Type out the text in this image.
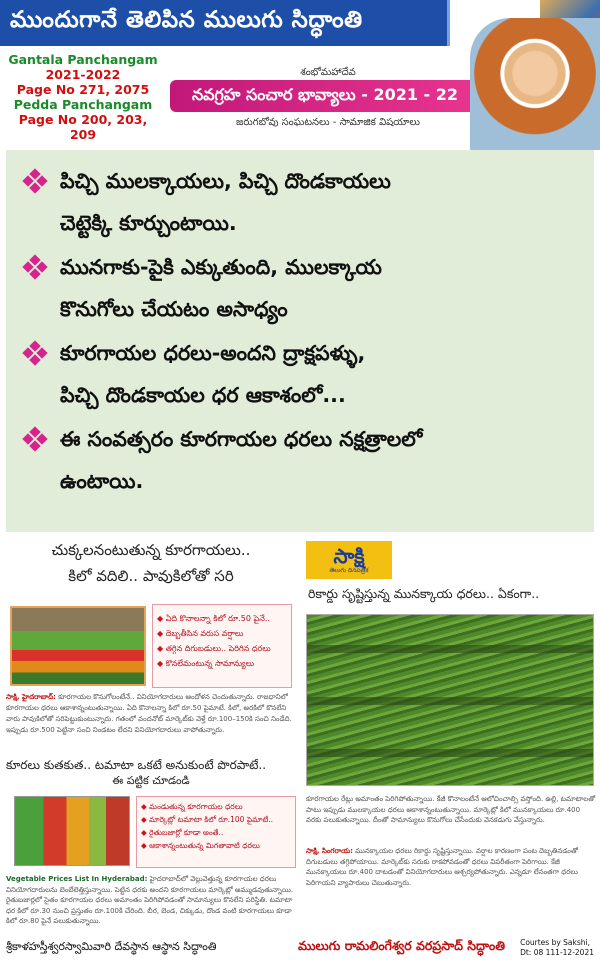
ముందుగానే తెలిపిన ములుగు సిద్ధాంతి
Gantala Panchangam
2021-2022
Page No 271, 2075
Pedda Panchangam
Page No 200, 203, 209
శంభోమహాదేవ
నవగ్రహ సంచార భావ్యాలు - 2021 - 22
జరుగబోవు సంఘటనలు - సామాజిక విషయాలు
పిచ్చి ములక్కాయలు, పిచ్చి దొండకాయలు
చెట్టెక్కి కూర్చుంటాయి.
మునగాకు-పైకి ఎక్కుతుంది, ములక్కాయ
కొనుగోలు చేయటం అసాధ్యం
కూరగాయల ధరలు-అందని ద్రాక్షపళ్ళు,
పిచ్చి దొండకాయల ధర ఆకాశంలో...
ఈ సంవత్సరం కూరగాయల ధరలు నక్షత్రాలలో
ఉంటాయి.
చుక్కలనంటుతున్న కూరగాయలు..
కిలో వదిలి.. పావుకిలోతో సరి
◆ ఏది కొనాలన్నా కిలో రూ.50 పైనే..
◆ దెబ్బతీసిన వరుస వర్షాలు
◆ తగ్గిన దిగుబడులు.. పెరిగిన ధరలు
◆ కొనలేమంటున్న సామాన్యులు
సాక్షి, హైదరాబాద్‌: కూరగాయల కొనుగోలంటేనే.. వినియోగదారులు ఆందోళన చెందుతున్నారు. రాజధానిలో కూరగాయల ధరలు ఆకాశాన్నంటుతున్నాయి. ఏది కొనాలన్నా కిలో రూ.50 పైమాటే. కిలో, అరకిలో కొనలేని వారు పావుకిలోతో సరిపెట్టుకుంటున్నారు. గతంలో వందనోట్‌ మార్కెట్‌కు వెళ్తే రూ.100–150కి సంచి నిండేది. ఇప్పుడు రూ.500 పెట్టినా సంచి నిండటం లేదని వినియోగదారులు వాపోతున్నారు.
కూరలు కుతకుత.. టమాటా ఒకటే అనుకుంటే పొరపాటే..
ఈ పట్టిక చూడండి
◆ మండుతున్న కూరగాయల ధరలు
◆ మార్కెట్లో టమాటా కిలో రూ.100 పైమాటే..
◆ రైతుబజార్లో కూడా అంతే..
◆ ఆకాశాన్నంటుతున్న మిగతావాటి ధరలు
Vegetable Prices List In Hyderabad: హైదరాబాద్‌లో వెల్లువెత్తున్న కూరగాయల ధరలు వినియోగదారులను బెంబేలెత్తిస్తున్నాయి. పెట్టిన ధరకు అందని కూరగాయలు మార్కెట్లో అమ్ముడవుతున్నాయి. రైతుబజార్లలో సైతం కూరగాయల ధరలు అమాంతం పెరిగిపోవడంతో సామాన్యులు కొనలేని పరిస్థితి. టమాటా ధర కిలో రూ.30 నుంచి ప్రస్తుతం రూ.100కి చేరింది. బీర, బెండ, చిక్కుడు, దొండ వంటి కూరగాయలు కూడా కిలో రూ.80 పైనే పలుకుతున్నాయి.
సాక్షి
తెలుగు దినపత్రిక
రికార్డు సృష్టిస్తున్న మునక్కాయ ధరలు.. ఏకంగా..
కూరగాయల రేట్లు అమాంతం పెరిగిపోతున్నాయి. కేజీ కొనాలంటేనే ఆలోచించాల్సి వస్తోంది. ఉల్లి, టమాటాలతో పాటు ఇప్పుడు ములక్కాయల ధరలు ఆకాశాన్నంటుతున్నాయి. మార్కెట్లో కిలో మునక్కాయలు రూ.400 వరకు పలుకుతున్నాయి. దీంతో సామాన్యులు కొనుగోలు చేసేందుకు వెనకడుగు వేస్తున్నారు.
సాక్షి, సింగరాయ: మునక్కాయల ధరలు రికార్డు సృష్టిస్తున్నాయి. వర్షాల కారణంగా పంట దెబ్బతినడంతో దిగుబడులు తగ్గిపోయాయి. మార్కెట్‌కు సరుకు రాకపోవడంతో ధరలు విపరీతంగా పెరిగాయి. కేజీ మునక్కాయలు రూ.400 దాటడంతో వినియోగదారులు ఆశ్చర్యపోతున్నారు. ఎన్నడూ లేనంతగా ధరలు పెరిగాయని వ్యాపారులు చెబుతున్నారు.
శ్రీకాళహస్తీశ్వరస్వామివారి దేవస్థాన ఆస్థాన సిద్ధాంతి	ములుగు రామలింగేశ్వర వరప్రసాద్ సిద్ధాంతి Courtes by Sakshi,
Dt: 08 111-12-2021
